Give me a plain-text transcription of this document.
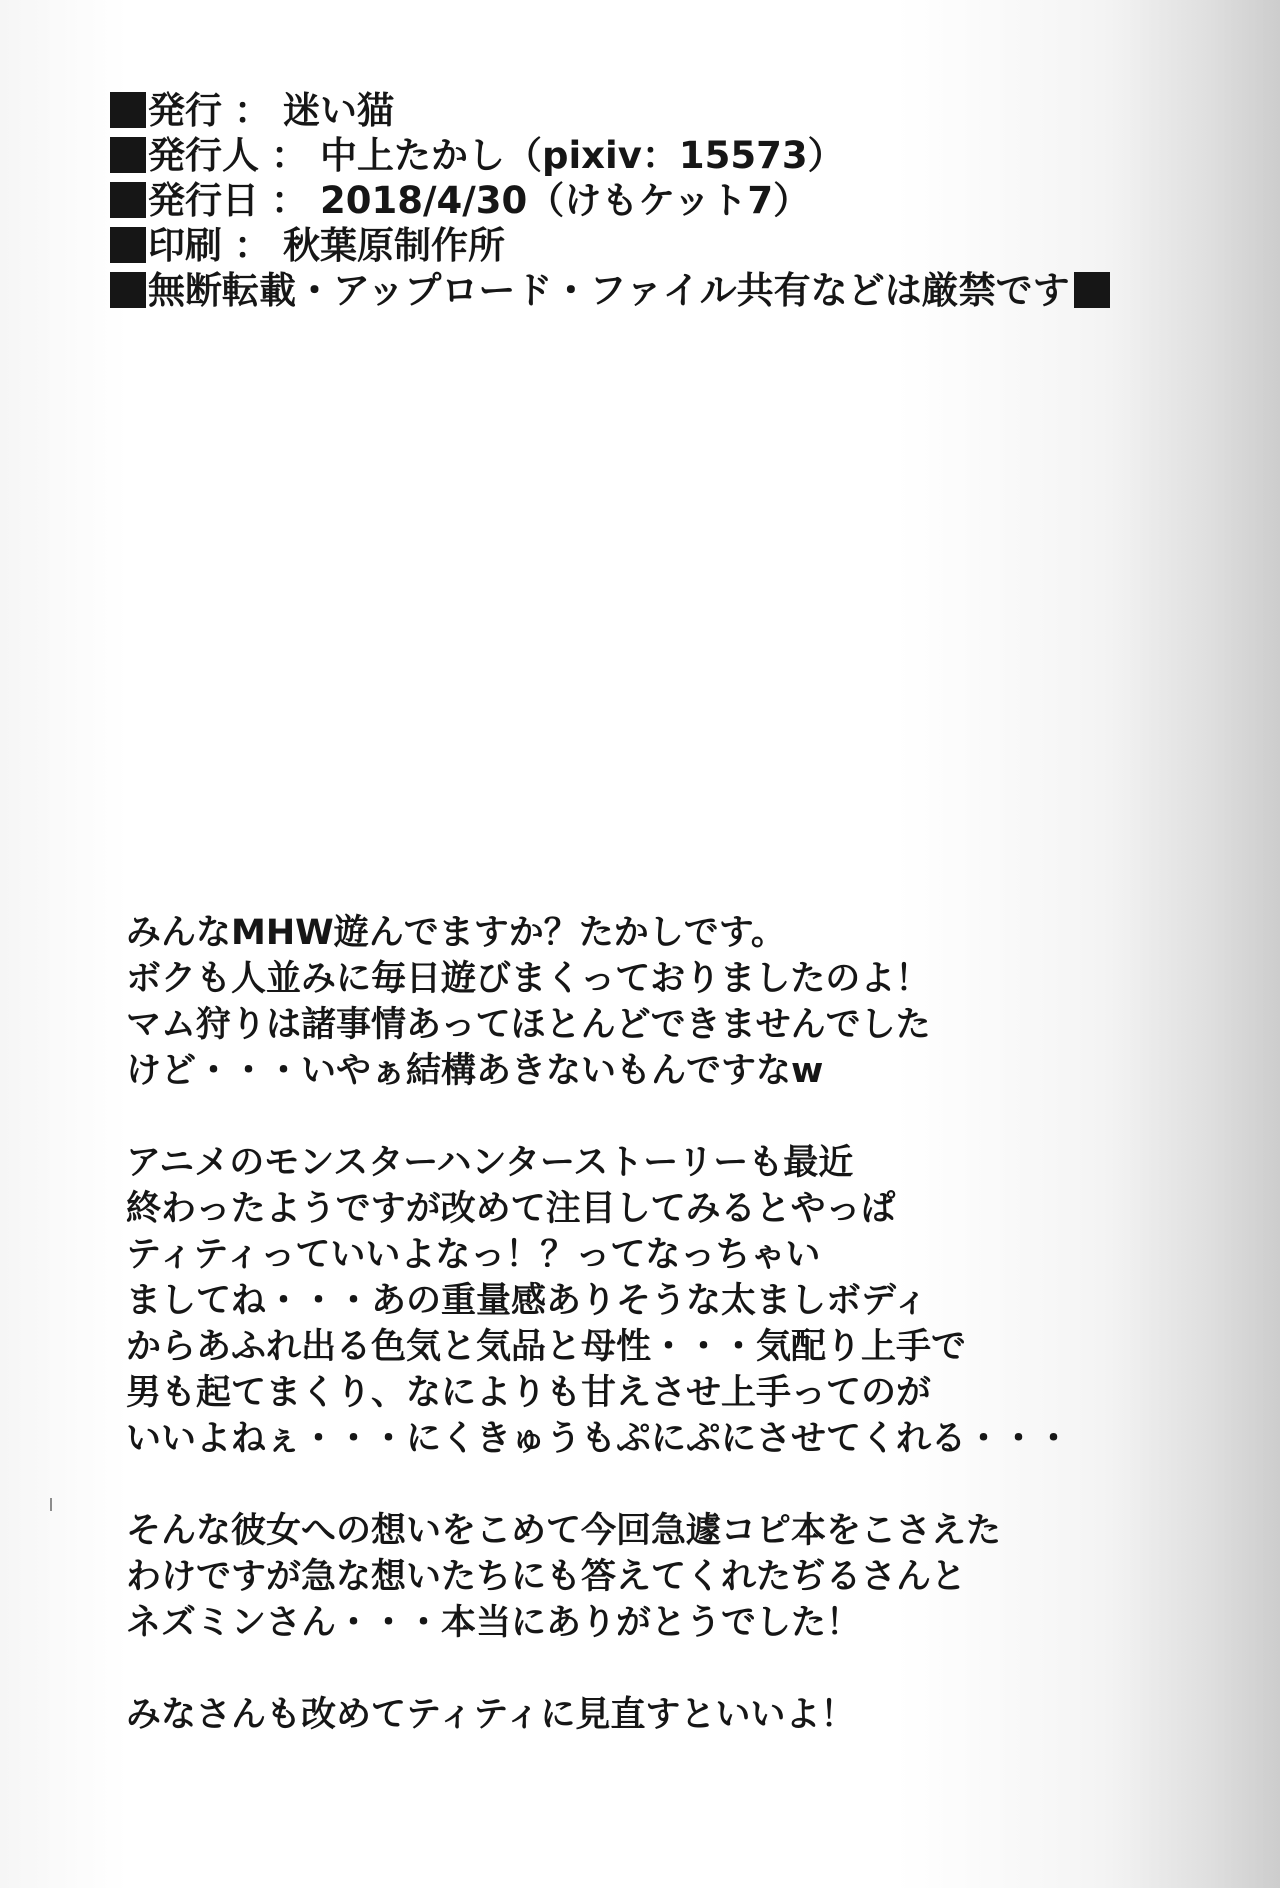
発行 ： 迷い猫
発行人 ： 中上たかし（pixiv：15573）
発行日 ： 2018/4/30（けもケット7）
印刷 ： 秋葉原制作所
無断転載・アップロード・ファイル共有などは厳禁です

みんなMHW遊んでますか？たかしです。
ボクも人並みに毎日遊びまくっておりましたのよ！
マム狩りは諸事情あってほとんどできませんでした
けど・・・いやぁ結構あきないもんですなw

アニメのモンスターハンターストーリーも最近
終わったようですが改めて注目してみるとやっぱ
ティティっていいよなっ！？ってなっちゃい
ましてね・・・あの重量感ありそうな太ましボディ
からあふれ出る色気と気品と母性・・・気配り上手で
男も起てまくり、なによりも甘えさせ上手ってのが
いいよねぇ・・・にくきゅうもぷにぷにさせてくれる・・・

そんな彼女への想いをこめて今回急遽コピ本をこさえた
わけですが急な想いたちにも答えてくれたぢるさんと
ネズミンさん・・・本当にありがとうでした！

みなさんも改めてティティに見直すといいよ！
